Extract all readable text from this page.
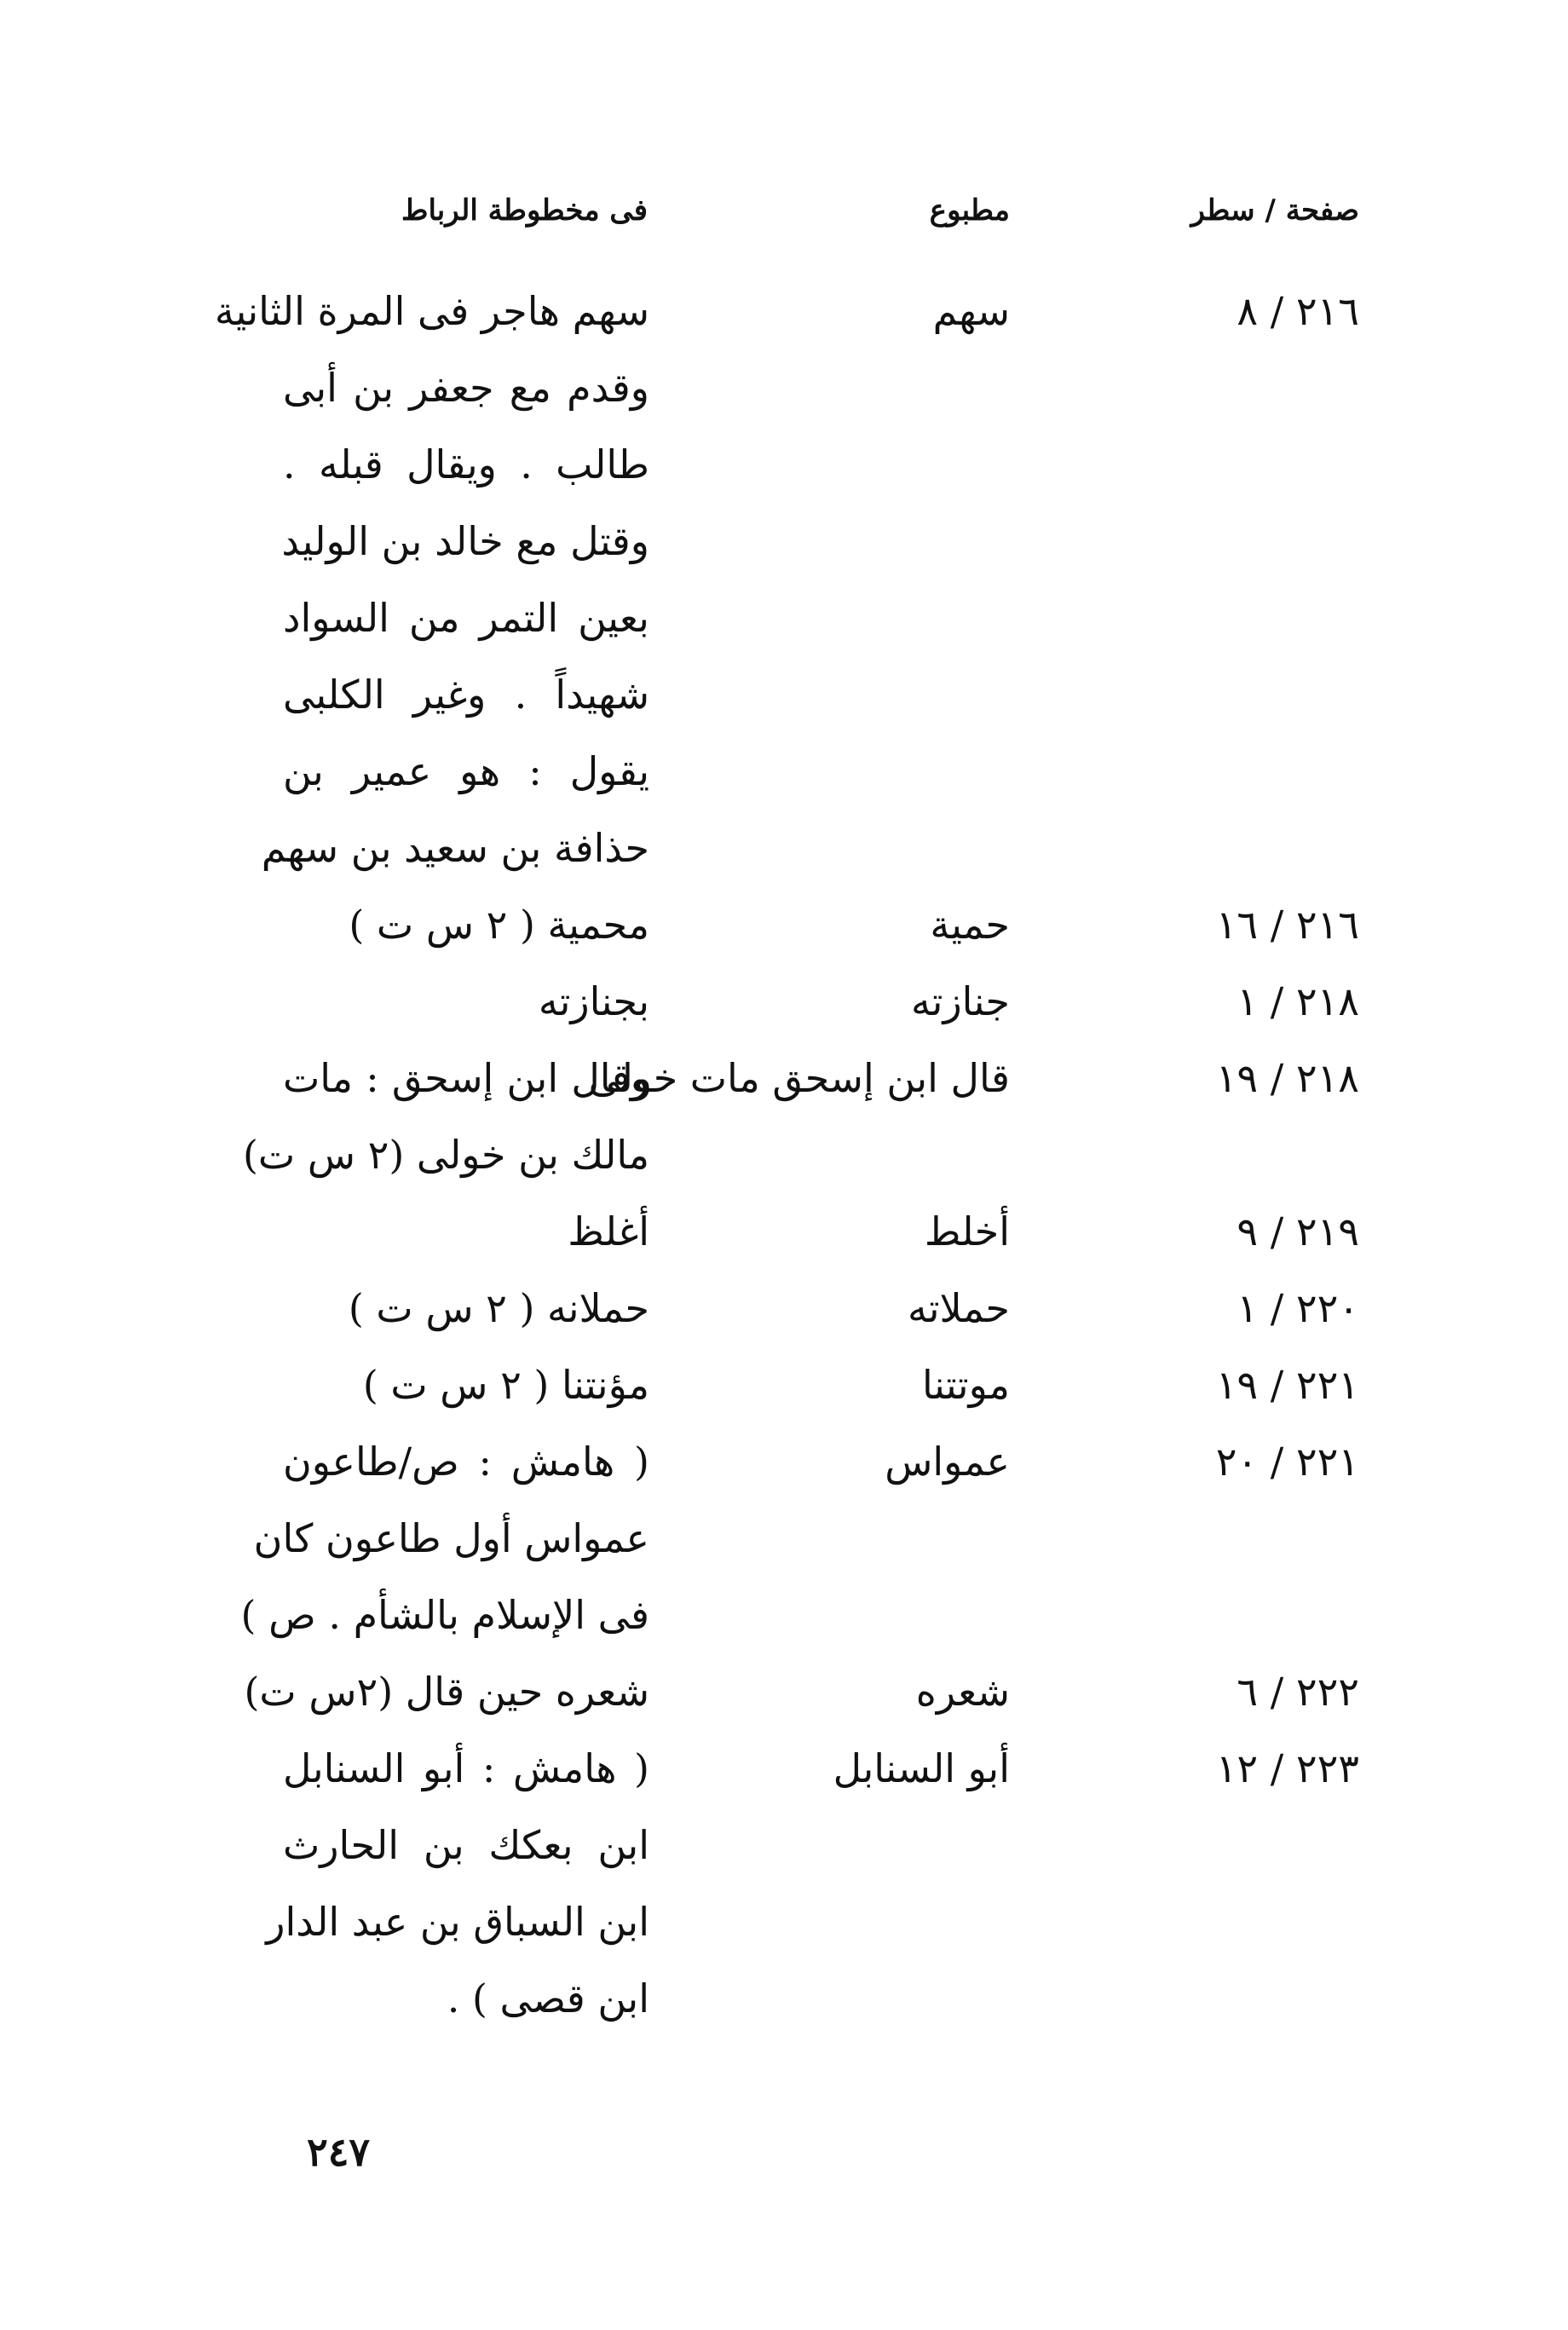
صفحة / سطر
مطبوع
فى مخطوطة الرباط
٢١٦ / ٨
سهم
سهم هاجر فى المرة الثانية
وقدم مع جعفر بن أبى
طالب . ويقال قبله .
وقتل مع خالد بن الوليد
بعين التمر من السواد
شهيداً . وغير الكلبى
يقول : هو عمير بن
حذافة بن سعيد بن سهم
٢١٦ / ١٦
حمية
محمية ( ٢ س ت )
٢١٨ / ١
جنازته
بجنازته
٢١٨ / ١٩
قال ابن إسحق مات خولى
وقال ابن إسحق : مات
مالك بن خولى (٢ س ت)
٢١٩ / ٩
أخلط
أغلظ
٢٢٠ / ١
حملاته
حملانه ( ٢ س ت )
٢٢١ / ١٩
موتتنا
مؤنتنا ( ٢ س ت )
٢٢١ / ٢٠
عمواس
( هامش : ص/طاعون
عمواس أول طاعون كان
فى الإسلام بالشأم . ص )
٢٢٢ / ٦
شعره
شعره حين قال (٢س ت)
٢٢٣ / ١٢
أبو السنابل
( هامش : أبو السنابل
ابن بعكك بن الحارث
ابن السباق بن عبد الدار
ابن قصى ) .
٢٤٧
